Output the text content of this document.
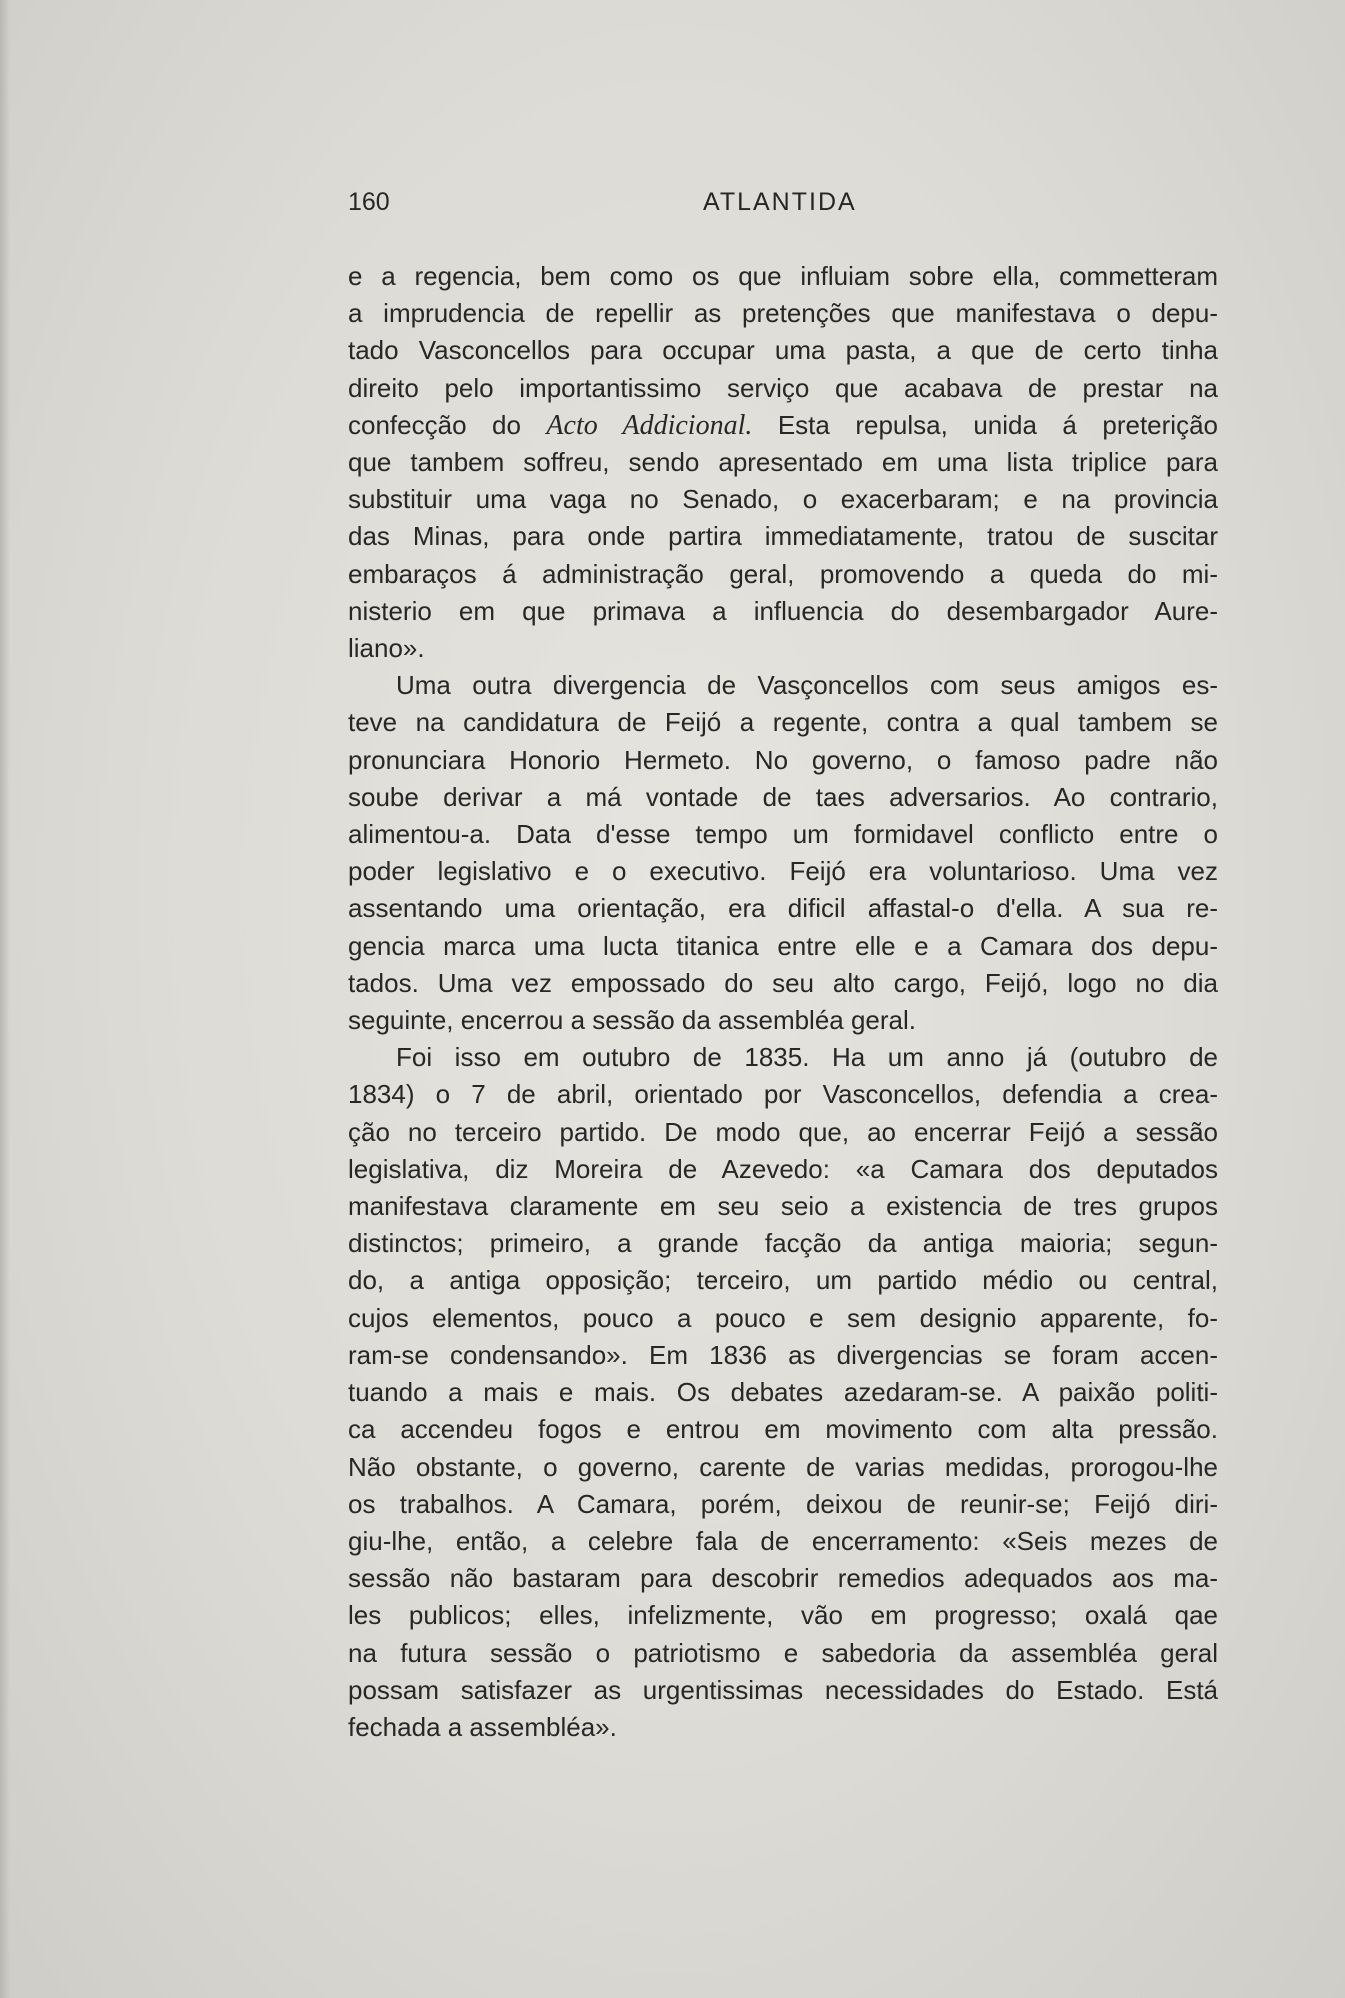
160	ATLANTIDA

e a regencia, bem como os que influiam sobre ella, commetteram
a imprudencia de repellir as pretenções que manifestava o depu-
tado Vasconcellos para occupar uma pasta, a que de certo tinha
direito pelo importantissimo serviço que acabava de prestar na
confecção do Acto Addicional. Esta repulsa, unida á preterição
que tambem soffreu, sendo apresentado em uma lista triplice para
substituir uma vaga no Senado, o exacerbaram; e na provincia
das Minas, para onde partira immediatamente, tratou de suscitar
embaraços á administração geral, promovendo a queda do mi-
nisterio em que primava a influencia do desembargador Aure-
liano».

Uma outra divergencia de Vasçoncellos com seus amigos es-
teve na candidatura de Feijó a regente, contra a qual tambem se
pronunciara Honorio Hermeto. No governo, o famoso padre não
soube derivar a má vontade de taes adversarios. Ao contrario,
alimentou-a. Data d'esse tempo um formidavel conflicto entre o
poder legislativo e o executivo. Feijó era voluntarioso. Uma vez
assentando uma orientação, era dificil affastal-o d'ella. A sua re-
gencia marca uma lucta titanica entre elle e a Camara dos depu-
tados. Uma vez empossado do seu alto cargo, Feijó, logo no dia
seguinte, encerrou a sessão da assembléa geral.

Foi isso em outubro de 1835. Ha um anno já (outubro de
1834) o 7 de abril, orientado por Vasconcellos, defendia a crea-
ção no terceiro partido. De modo que, ao encerrar Feijó a sessão
legislativa, diz Moreira de Azevedo: «a Camara dos deputados
manifestava claramente em seu seio a existencia de tres grupos
distinctos; primeiro, a grande facção da antiga maioria; segun-
do, a antiga opposição; terceiro, um partido médio ou central,
cujos elementos, pouco a pouco e sem designio apparente, fo-
ram-se condensando». Em 1836 as divergencias se foram accen-
tuando a mais e mais. Os debates azedaram-se. A paixão politi-
ca accendeu fogos e entrou em movimento com alta pressão.
Não obstante, o governo, carente de varias medidas, prorogou-lhe
os trabalhos. A Camara, porém, deixou de reunir-se; Feijó diri-
giu-lhe, então, a celebre fala de encerramento: «Seis mezes de
sessão não bastaram para descobrir remedios adequados aos ma-
les publicos; elles, infelizmente, vão em progresso; oxalá qae
na futura sessão o patriotismo e sabedoria da assembléa geral
possam satisfazer as urgentissimas necessidades do Estado. Está
fechada a assembléa».
